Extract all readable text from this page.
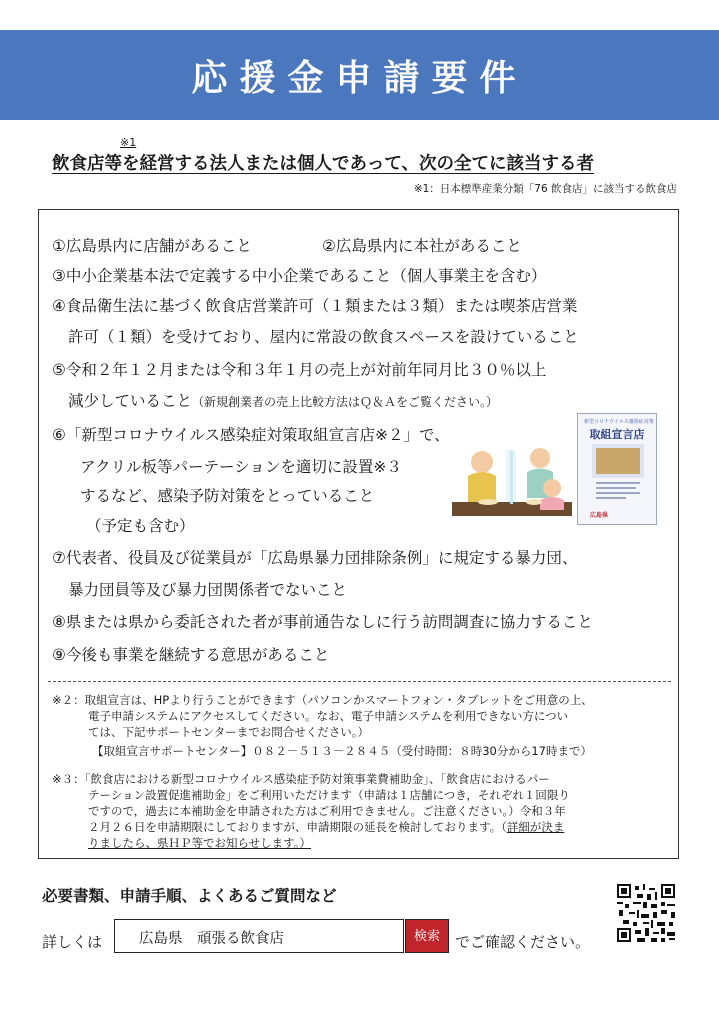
応援金申請要件
※1
飲食店等を経営する法人または個人であって、次の全てに該当する者
※1：日本標準産業分類「76 飲食店」に該当する飲食店
①広島県内に店舗があること	②広島県内に本社があること
③中小企業基本法で定義する中小企業であること（個人事業主を含む）
④食品衛生法に基づく飲食店営業許可（１類または３類）または喫茶店営業
許可（１類）を受けており、屋内に常設の飲食スペースを設けていること
⑤令和２年１２月または令和３年１月の売上が対前年同月比３０％以上
減少していること（新規創業者の売上比較方法はＱ＆Ａをご覧ください。）
⑥「新型コロナウイルス感染症対策取組宣言店※２」で、
アクリル板等パーテーションを適切に設置※３
するなど、感染予防対策をとっていること
（予定も含む）
⑦代表者、役員及び従業員が「広島県暴力団排除条例」に規定する暴力団、
暴力団員等及び暴力団関係者でないこと
⑧県または県から委託された者が事前通告なしに行う訪問調査に協力すること
⑨今後も事業を継続する意思があること
新型コロナウイルス感染症対策
取組宣言店
広島県
※２：取組宣言は、HPより行うことができます（パソコンかスマートフォン・タブレットをご用意の上、
電子申請システムにアクセスしてください。なお、電子申請システムを利用できない方につい
ては、下記サポートセンターまでお問合せください。）
【取組宣言サポートセンター】０８２－５１３－２８４５（受付時間：８時30分から17時まで）
※３：「飲食店における新型コロナウイルス感染症予防対策事業費補助金」、「飲食店におけるパー
テーション設置促進補助金」をご利用いただけます（申請は１店舗につき，それぞれ１回限り
ですので，過去に本補助金を申請された方はご利用できません。ご注意ください。）令和３年
２月２６日を申請期限にしておりますが、申請期限の延長を検討しております。（詳細が決ま
りましたら、県ＨＰ等でお知らせします。）
必要書類、申請手順、よくあるご質問など
詳しくは	広島県　頑張る飲食店	検索	でご確認ください。
